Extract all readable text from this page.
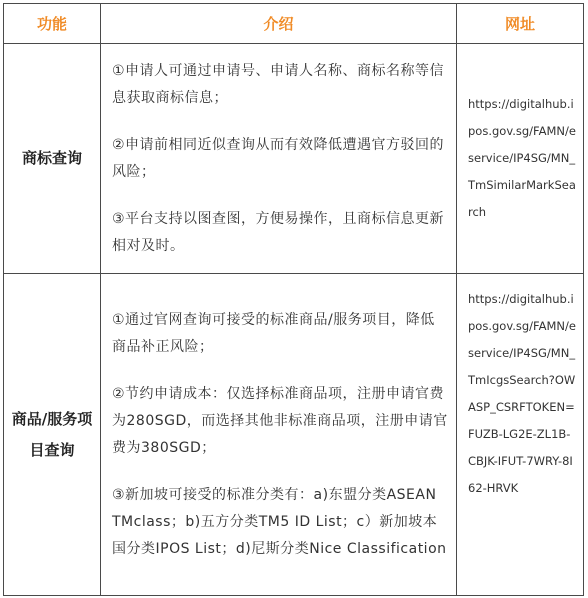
功能	介绍	网址
商标查询	①申请人可通过申请号、申请人名称、商标名称等信息获取商标信息；

②申请前相同近似查询从而有效降低遭遇官方驳回的风险；

③平台支持以图查图，方便易操作，且商标信息更新相对及时。	https://digitalhub.ipos.gov.sg/FAMN/eservice/IP4SG/MN_TmSimilarMarkSearch
商品/服务项目查询	①通过官网查询可接受的标准商品/服务项目，降低商品补正风险；

②节约申请成本：仅选择标准商品项，注册申请官费为280SGD，而选择其他非标准商品项，注册申请官费为380SGD；

③新加坡可接受的标准分类有：a)东盟分类ASEAN TMclass；b)五方分类TM5 ID List；c）新加坡本国分类IPOS List；d)尼斯分类Nice Classification	https://digitalhub.ipos.gov.sg/FAMN/eservice/IP4SG/MN_TmIcgsSearch?OWASP_CSRFTOKEN=FUZB-LG2E-ZL1B-CBJK-IFUT-7WRY-8I62-HRVK
